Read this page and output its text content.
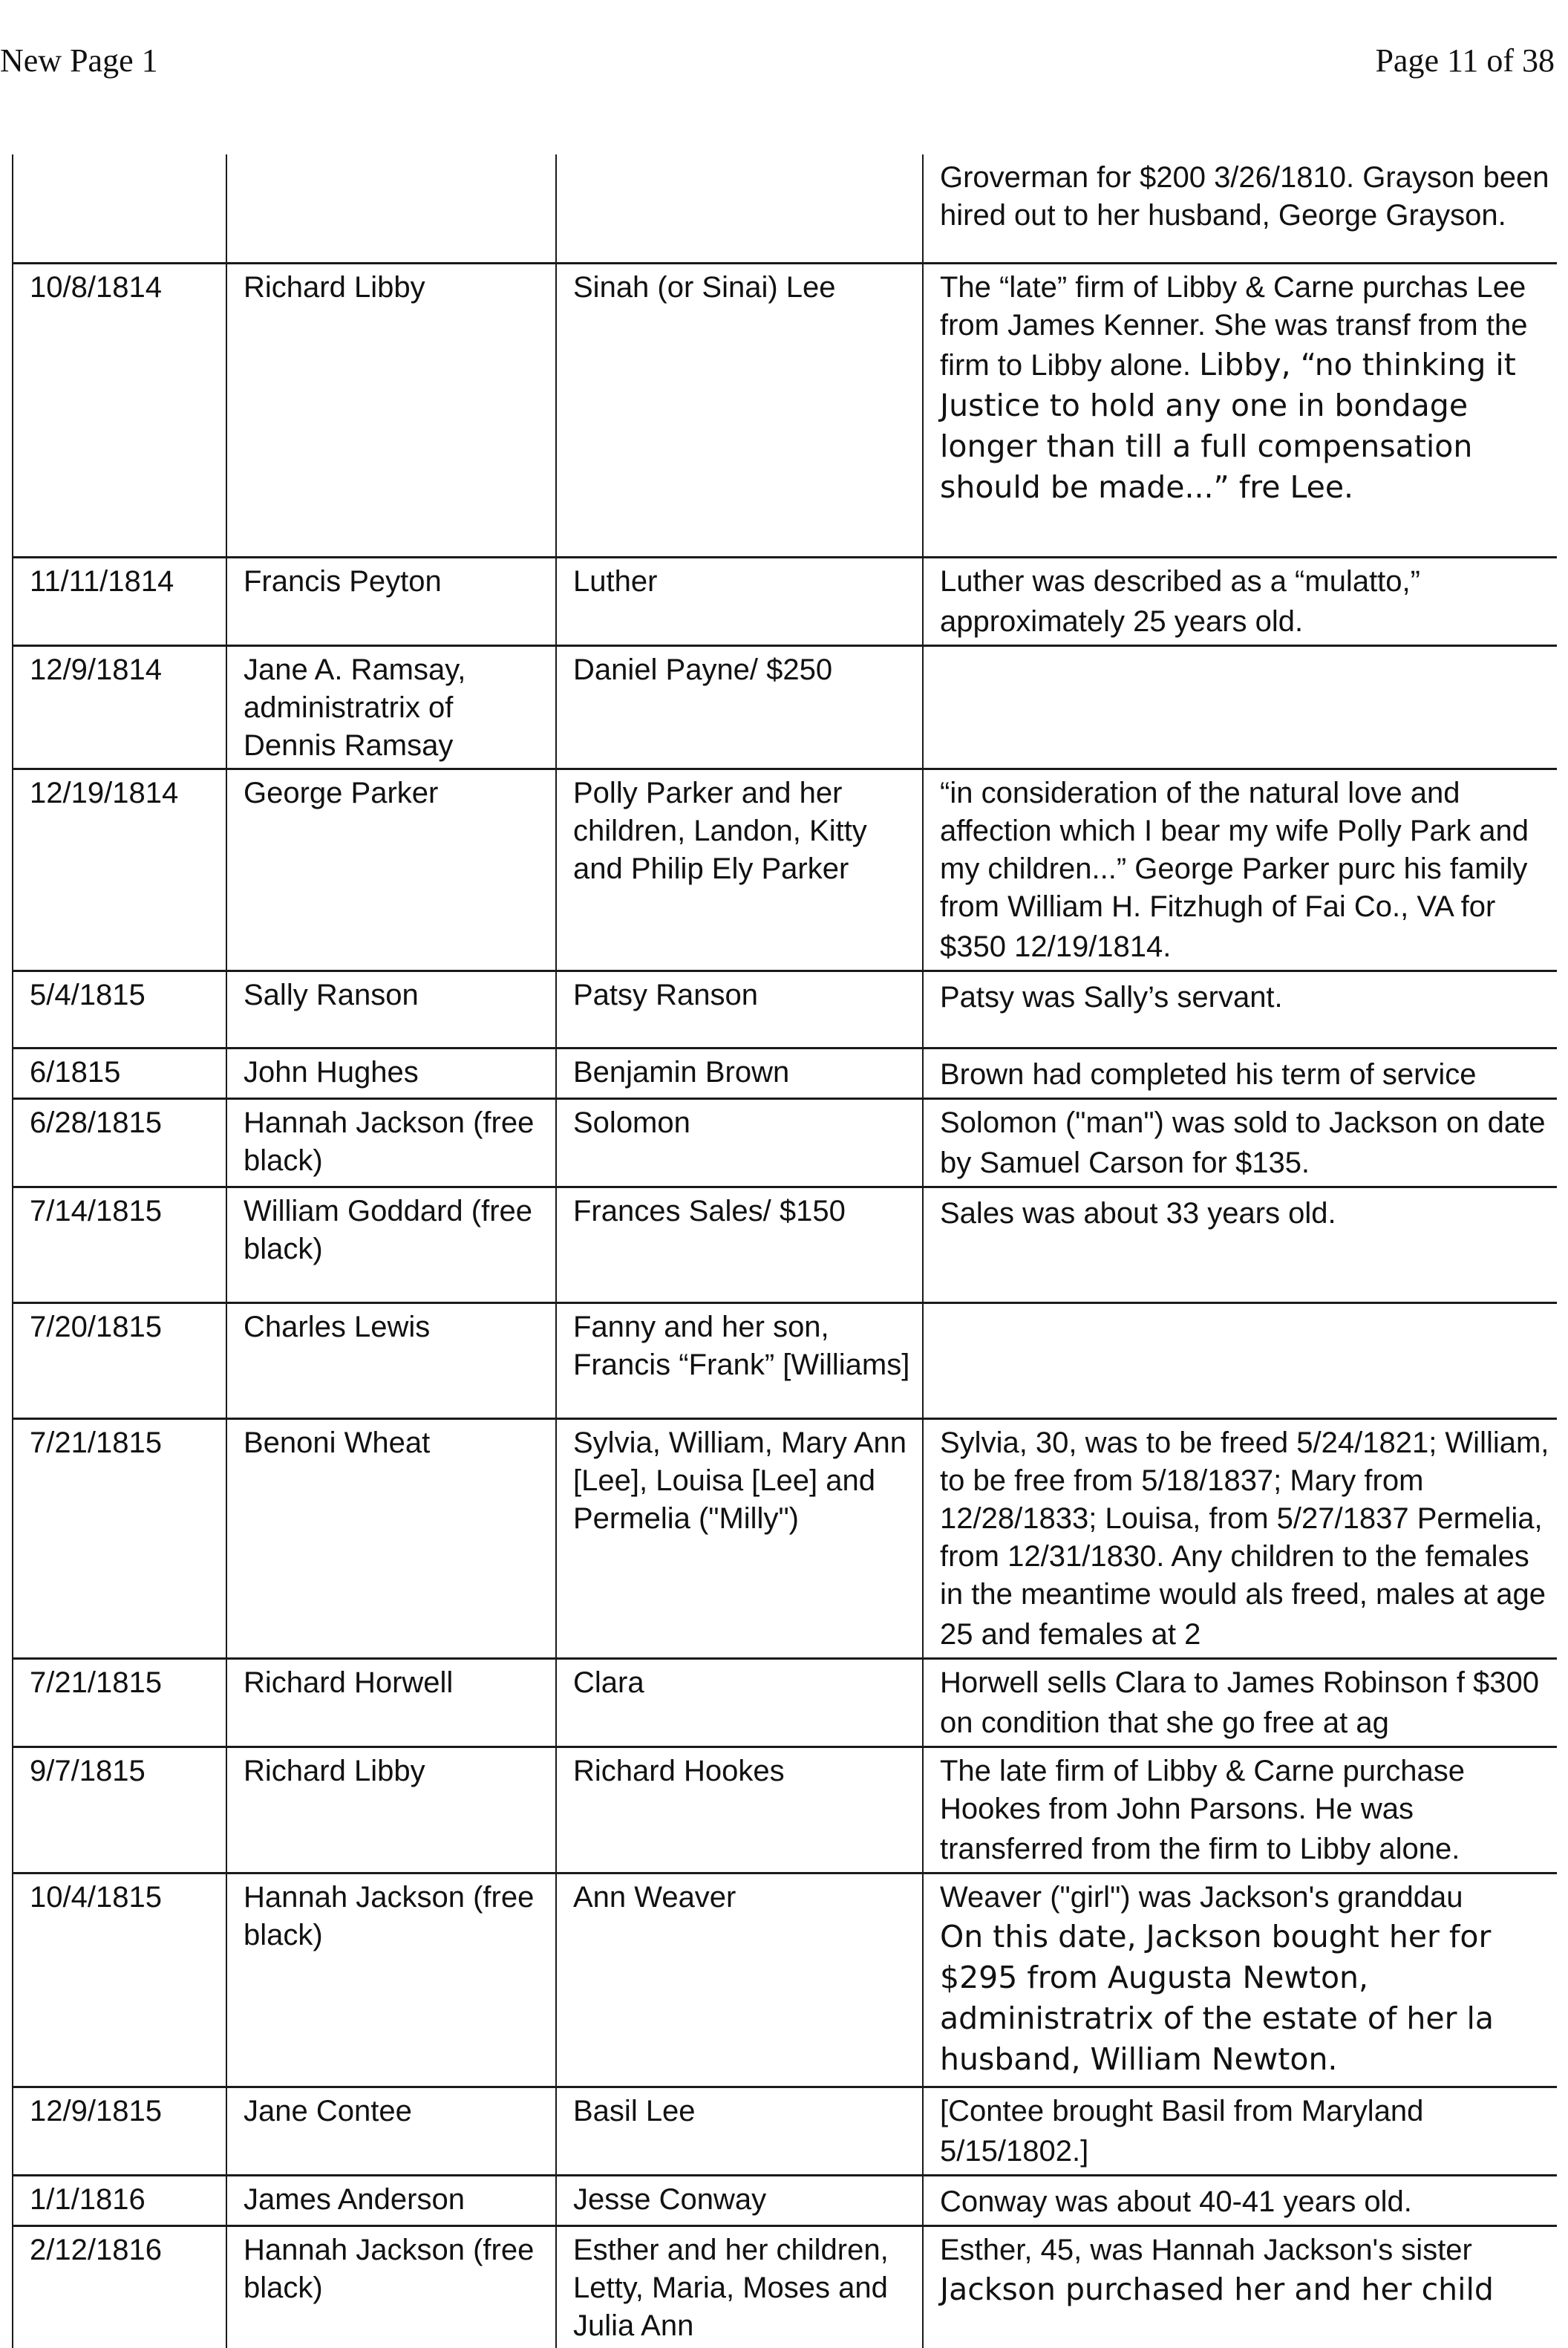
New Page 1	Page 11 of 38

			Groverman for $200 3/26/1810. Grayson been hired out to her husband, George Grayson.

10/8/1814	Richard Libby	Sinah (or Sinai) Lee	The “late” firm of Libby & Carne purchas Lee from James Kenner. She was transf from the firm to Libby alone. Libby, “no thinking it Justice to hold any one in bondage longer than till a full compensation should be made...” fre Lee.
11/11/1814	Francis Peyton	Luther	Luther was described as a “mulatto,” approximately 25 years old.
12/9/1814	Jane A. Ramsay, administratrix of Dennis Ramsay	Daniel Payne/ $250	
12/19/1814	George Parker	Polly Parker and her children, Landon, Kitty and Philip Ely Parker	“in consideration of the natural love and affection which I bear my wife Polly Park and my children...” George Parker purc his family from William H. Fitzhugh of Fai Co., VA for $350 12/19/1814.
5/4/1815	Sally Ranson	Patsy Ranson	Patsy was Sally’s servant.
6/1815	John Hughes	Benjamin Brown	Brown had completed his term of service
6/28/1815	Hannah Jackson (free black)	Solomon	Solomon ("man") was sold to Jackson on date by Samuel Carson for $135.
7/14/1815	William Goddard (free black)	Frances Sales/ $150	Sales was about 33 years old.
7/20/1815	Charles Lewis	Fanny and her son, Francis “Frank” [Williams]	
7/21/1815	Benoni Wheat	Sylvia, William, Mary Ann [Lee], Louisa [Lee] and Permelia ("Milly")	Sylvia, 30, was to be freed 5/24/1821; William, to be free from 5/18/1837; Mary from 12/28/1833; Louisa, from 5/27/1837 Permelia, from 12/31/1830. Any children to the females in the meantime would als freed, males at age 25 and females at 2
7/21/1815	Richard Horwell	Clara	Horwell sells Clara to James Robinson f $300 on condition that she go free at ag
9/7/1815	Richard Libby	Richard Hookes	The late firm of Libby & Carne purchase Hookes from John Parsons. He was transferred from the firm to Libby alone.
10/4/1815	Hannah Jackson (free black)	Ann Weaver	Weaver ("girl") was Jackson's granddau
On this date, Jackson bought her for $295 from Augusta Newton, administratrix of the estate of her la husband, William Newton.
12/9/1815	Jane Contee	Basil Lee	[Contee brought Basil from Maryland 5/15/1802.]
1/1/1816	James Anderson	Jesse Conway	Conway was about 40-41 years old.
2/12/1816	Hannah Jackson (free black)	Esther and her children, Letty, Maria, Moses and Julia Ann	Esther, 45, was Hannah Jackson's sister
Jackson purchased her and her child
